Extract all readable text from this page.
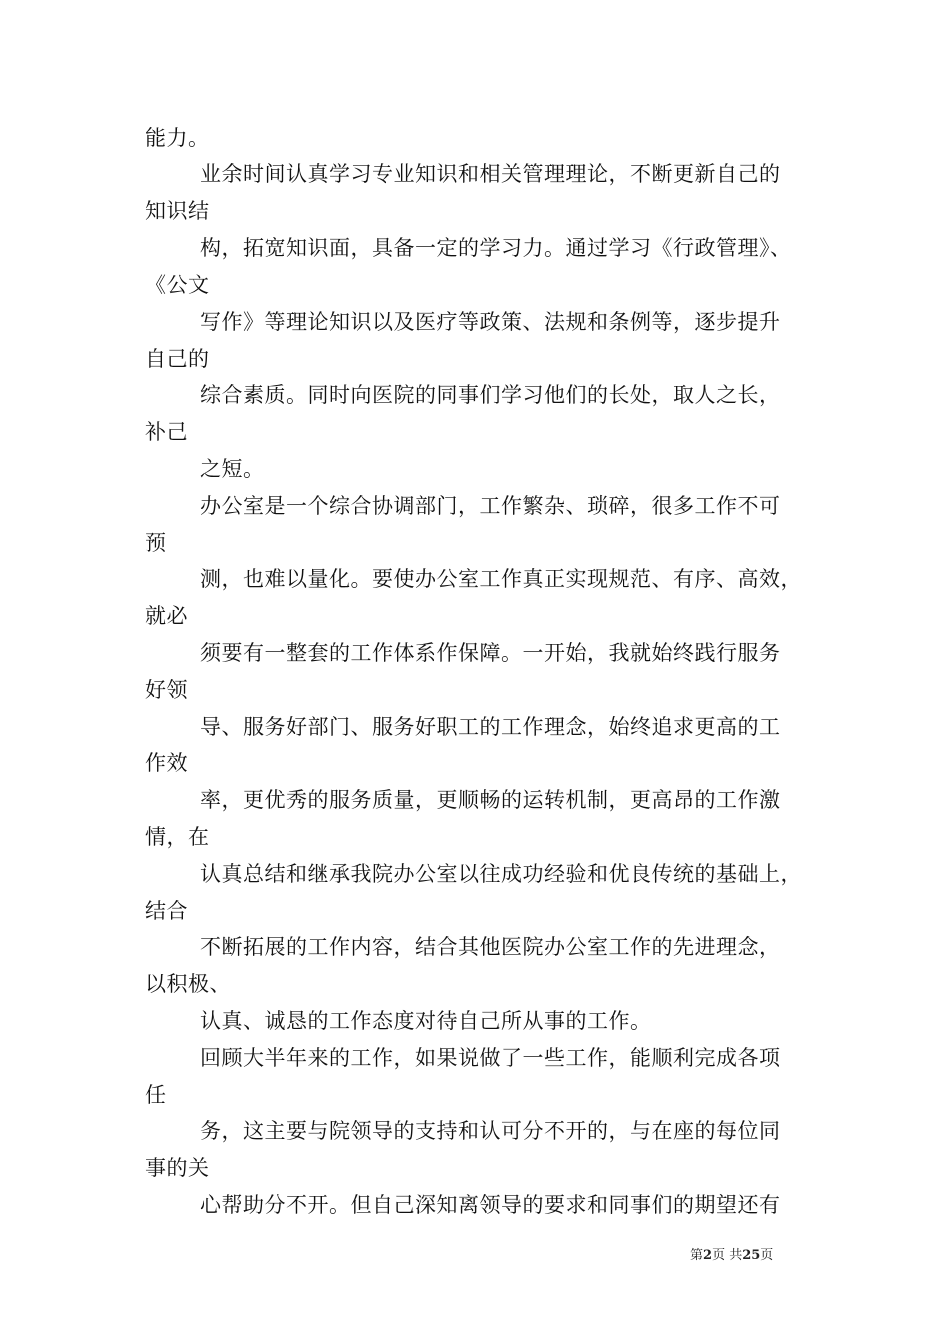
能力。
业余时间认真学习专业知识和相关管理理论，不断更新自己的
知识结
构，拓宽知识面，具备一定的学习力。通过学习《行政管理》、
《公文
写作》等理论知识以及医疗等政策、法规和条例等，逐步提升
自己的
综合素质。同时向医院的同事们学习他们的长处，取人之长，
补己
之短。
办公室是一个综合协调部门，工作繁杂、琐碎，很多工作不可
预
测，也难以量化。要使办公室工作真正实现规范、有序、高效，
就必
须要有一整套的工作体系作保障。一开始，我就始终践行服务
好领
导、服务好部门、服务好职工的工作理念，始终追求更高的工
作效
率，更优秀的服务质量，更顺畅的运转机制，更高昂的工作激
情，在
认真总结和继承我院办公室以往成功经验和优良传统的基础上，
结合
不断拓展的工作内容，结合其他医院办公室工作的先进理念，
以积极、
认真、诚恳的工作态度对待自己所从事的工作。
回顾大半年来的工作，如果说做了一些工作，能顺利完成各项
任
务，这主要与院领导的支持和认可分不开的，与在座的每位同
事的关
心帮助分不开。但自己深知离领导的要求和同事们的期望还有
第2页 共25页
